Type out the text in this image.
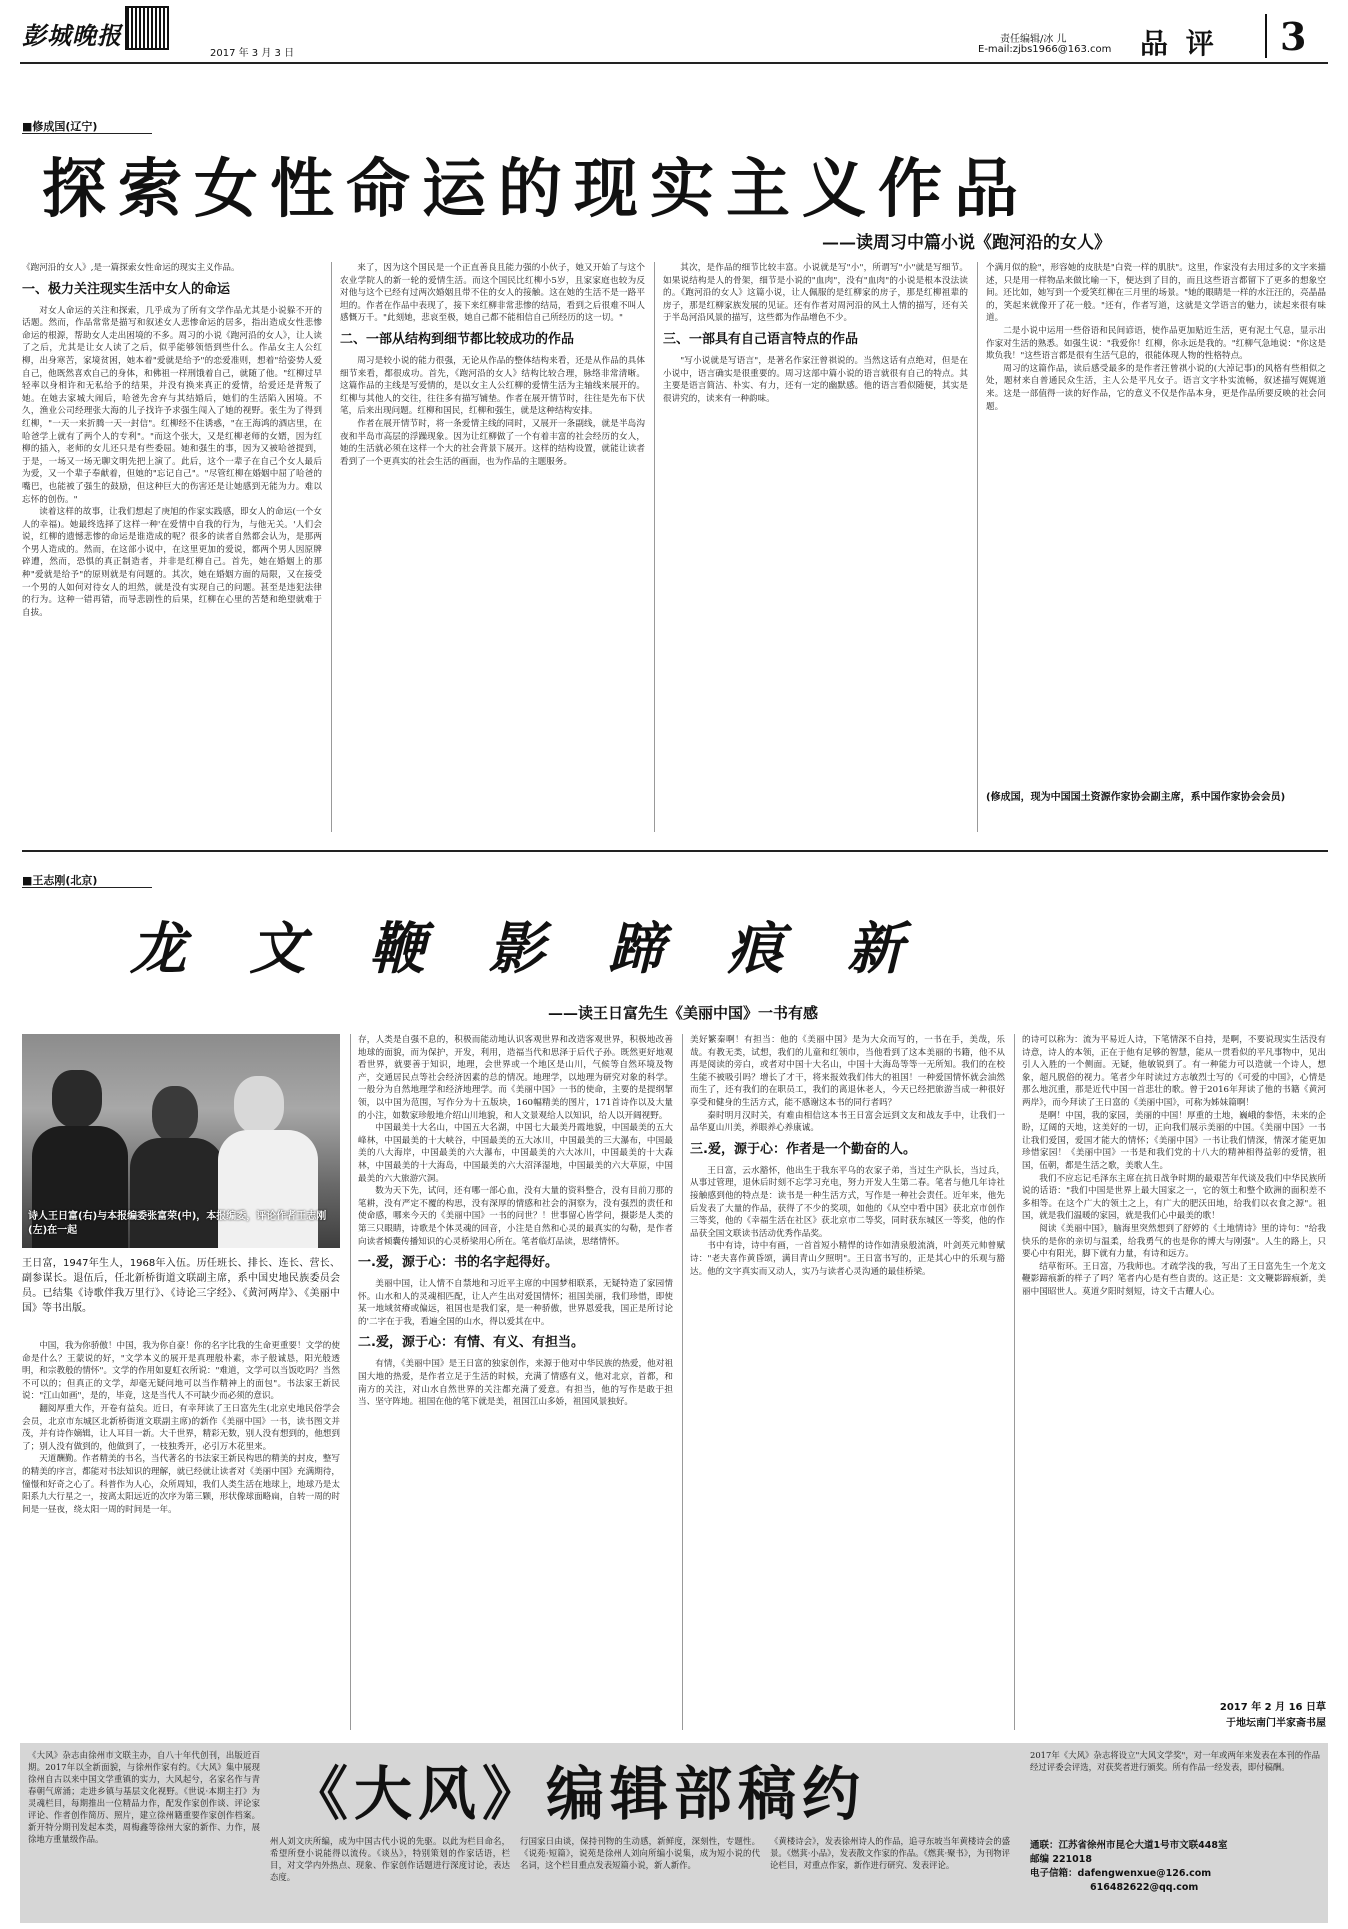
彭城晚报
2017 年 3 月 3 日
责任编辑/冰 儿
E-mail:zjbs1966@163.com 品 评 3
■修成国(辽宁)
探索女性命运的现实主义作品
——读周习中篇小说《跑河沿的女人》

《跑河沿的女人》,是一篇探索女性命运的现实主义作品。

一、极力关注现实生活中女人的命运

对女人命运的关注和探索，几乎成为了所有文学作品尤其是小说躲不开的话题。然而，作品常常是描写和叙述女人悲惨命运的居多，指出造成女性悲惨命运的根源，帮助女人走出困境的不多。周习的小说《跑河沿的女人》，让人读了之后，尤其是让女人读了之后，似乎能够领悟到些什么。作品女主人公红柳，出身寒苦，家境贫困，她本着"爱就是给予"的恋爱准则，想着"给姿势人爱自己，他既然喜欢自己的身体，和佛祖一样刑饿着自己，就随了他。"红柳过早轻率以身相许和无私给予的结果，并没有换来真正的爱情，给爱还是背叛了她。在她去家城大闹后，哈爸先舍弃与其结婚后，她们的生活陷入困境。不久，渔业公司经理张大海的儿子找许予求强生闯入了她的视野。张生为了得到红柳，"一天一来折腾一天一封信"。红柳经不住诱惑，"在王海鸿的酒店里，在哈爸学上就有了两个人的专利"。"而这个张大，又是红柳老师的女婿，因为红柳的插入，老师的女儿还只是有些委屈。她和强生的事，因为又被哈爸提到，于是，一场又一场无聊文明先把上演了。此后，这个一辈子在自己个女人最后为爱，又一个辈子奉献着，但她的"忘记自己"。"尽管红柳在婚姻中屈了哈爸的嘴巴，也能被了强生的鼓励，但这种巨大的伤害还是让她感到无能为力。难以忘怀的创伤。"

读着这样的故事，让我们想起了庚旭的作家实践感，即女人的命运(一个女人的幸福)。她最终选择了这样一种'在爱情中自我的行为，与他无关。'人们会说，红柳的遗憾悲惨的命运是谁造成的呢？很多的读者自然都会认为，是那两个男人造成的。然而，在这部小说中，在这里更加的爱说，都两个男人因原牌碎遭，然而，恐惧的真正制造者，并非是红柳自己。首先，她在婚姻上的那种"爱就是给予"的原则就是有问题的。其次，她在婚姻方面的局限，又在接受一个男的人如何对待女人的坦然，就是没有实现自己的问题。甚至是违犯法律的行为。这种一错再错，而导悲剧性的后果，红柳在心里的苦楚和绝望就难于自拔。

来了，因为这个国民是一个正直善良且能力强的小伙子，她又开始了与这个农业学院人的新一轮的爱情生活。而这个国民比红柳小5岁，且家家庭也较为反对他与这个已经有过两次婚姻且带不住的女人的接触。这在她的生活不是一路平坦的。作者在作品中表现了，接下来红柳非常悲惨的结局，看到之后很难不叫人感慨万千。"此刻她，悲哀至极，她自己都不能相信自己所经历的这一切。"

二、一部从结构到细节都比较成功的作品

周习是较小说的能力很强，无论从作品的整体结构来看，还是从作品的具体细节来看，都很成功。首先，《跑河沿的女人》结构比较合理，脉络非常清晰。这篇作品的主线是写爱情的，是以女主人公红柳的爱情生活为主轴线来展开的。红柳与其他人的交往，往往多有描写铺垫。作者在展开情节时，往往是先布下伏笔，后来出现问题。红柳和国民，红柳和强生，就是这种结构安排。

作者在展开情节时，将一条爱情主线的同时，又展开一条副线，就是半岛沟夜和半岛市高层的浮躁现象。因为让红柳做了一个有着丰富的社会经历的女人，她的生活就必须在这样一个大的社会背景下展开。这样的结构设置，就能让读者看到了一个更真实的社会生活的画面，也为作品的主题服务。

其次，是作品的细节比较丰富。小说就是写"小"，所谓写"小"就是写细节。如果说结构是人的骨架，细节是小说的"血肉"，没有"血肉"的小说是根本没法读的。《跑河沿的女人》这篇小说，让人佩服的是红柳家的房子，那是红柳祖辈的房子，那是红柳家族发展的见证。还有作者对周河沿的风土人情的描写，还有关于半岛河沿风景的描写，这些都为作品增色不少。

三、一部具有自己语言特点的作品

"写小说就是写语言"，是著名作家汪曾祺说的。当然这话有点绝对，但是在小说中，语言确实是很重要的。周习这部中篇小说的语言就很有自己的特点。其主要是语言简洁、朴实、有力，还有一定的幽默感。他的语言看似随便，其实是很讲究的，读来有一种韵味。

个满月似的脸"，形容她的皮肤是"白瓷一样的肌肤"。这里，作家没有去用过多的文字来描述，只是用一样物品来做比喻一下，便达到了目的，而且这些语言都留下了更多的想象空间。还比如，她写到一个爱笑红柳在三月里的场景。"她的眼睛是一样的水汪汪的，亮晶晶的，笑起来就像开了花一般。"还有，作者写道，这就是文学语言的魅力，读起来很有味道。

二是小说中运用一些俗语和民间谚语，使作品更加贴近生活，更有泥土气息，显示出作家对生活的熟悉。如强生说："我爱你！红柳，你永远是我的。"红柳气急地说："你这是欺负我！"这些语言都是很有生活气息的，很能体现人物的性格特点。

周习的这篇作品，读后感受最多的是作者汪曾祺小说的(大淖记事)的风格有些相似之处，题材来自普通民众生活，主人公是平凡女子。语言文字朴实流畅，叙述描写娓娓道来。这是一部值得一读的好作品，它的意义不仅是作品本身，更是作品所要反映的社会问题。

(修成国，现为中国国土资源作家协会副主席，系中国作家协会会员)
■王志刚(北京)
龙 文 鞭 影 蹄 痕 新
——读王日富先生《美丽中国》一书有感
诗人王日富(右)与本报编委张富荣(中)，本报编委，评论作者王志刚(左)在一起
王日富，1947年生人，1968年入伍。历任班长、排长、连长、营长、副参谋长。退伍后，任北新桥街道文联副主席，系中国史地民族委员会员。已结集《诗歌伴我万里行》、《诗论三字经》、《黄河两岸》、《美丽中国》等书出版。

中国，我为你骄傲！中国，我为你自豪！你的名字比我的生命更重要！文学的使命是什么？王蒙说的好，"文学本义的展开是真理般朴素，赤子般诚恳，阳光般透明，和宗教般的情怀"。文学的作用如夏虹衣所说："难道，文学可以当饭吃吗？当然不可以的；但真正的文学，却毫无疑问地可以当作精神上的面包"。书法家王新民说："江山如画"，是的，毕竟，这是当代人不可缺少而必须的意识。

翻阅厚重大作，开卷有益矣。近日，有幸拜读了王日富先生(北京史地民俗学会会员，北京市东城区北新桥街道文联副主席)的新作《美丽中国》一书，读书图文并茂，并有诗作嫡辑，让人耳目一新。大千世界，精彩无数，别人没有想到的，他想到了；别人没有做到的，他做到了，一枝独秀开，必引万木花里来。

天道酬勤。作者精美的书名，当代著名的书法家王新民构思的精美的封皮，整写的精美的序言，都能对书法知识的理解，就已经就让读者对《美丽中国》充满期待，憧憬和好奇之心了。科普作为人心，众所周知，我们人类生活在地球上，地球乃是太阳系九大行星之一，按离太阳远近的次序为第三颗，形状像球面略扁，自转一周的时间是一昼夜，绕太阳一周的时间是一年。

存，人类是自强不息的，积极而能动地认识客观世界和改造客观世界，积极地改善地球的面貌，而为保护，开发，利用，造福当代和思泽于后代子孙。既然更好地观看世界，就要善于知识，地理，会世界或一个地区是山川，气候等自然环境及物产，交通居民点等社会经济因素的总的情况。地理学，以地理为研究对象的科学。一般分为自然地理学和经济地理学。而《美丽中国》一书的使命，主要的是提纲挈领，以中国为范围，写作分为十五版块，160幅精美的图片，171首诗作以及大量的小注，如数家珍般地介绍山川地貌，和人文景观给人以知识，给人以开阔视野。

中国最美十大名山，中国五大名湖，中国七大最美丹霞地貌，中国最美的五大峰林，中国最美的十大峡谷，中国最美的五大冰川，中国最美的三大瀑布，中国最美的八大海岸，中国最美的六大瀑布，中国最美的六大冰川，中国最美的十大森林，中国最美的十大海岛，中国最美的六大沼泽湿地，中国最美的六大草原，中国最美的六大旅游穴洞。

数为天下先，试问，还有哪一部心血，没有大量的资料整合，没有目前刀那的笔耕，没有严定不覆的构思，没有深厚的情感和社会的洞察为，没有强烈的责任和使命感，哪来今天的《美丽中国》一书的问世？！世事留心皆学问，摄影是人类的第三只眼睛，诗歌是个体灵魂的回音，小注是自然和心灵的最真实的勾勒，是作者向读者倾囊传播知识的心灵桥梁用心所在。笔者临灯品读，思绪情怀。

一.爱，源于心：书的名字起得好。

美丽中国，让人情不自禁地和习近平主席的中国梦相联系，无疑特造了家园情怀。山水和人的灵魂相匹配，让人产生出对爱国情怀；祖国美丽，我们珍惜，即使某一地域贫瘠或偏远，祖国也是我们家，是一种骄傲，世界恩爱我，国正是所讨论的'二字在于我，看遍全国的山水，得以爱其在中。

二.爱，源于心：有情、有义、有担当。

有情，《美丽中国》是王日富的独家创作，来源于他对中华民族的热爱，他对祖国大地的热爱，是作者立足于生活的时候，充满了情感有义，他对北京，首都，和南方的关注，对山水自然世界的关注都充满了爱意。有担当，他的写作是敢于担当、坚守阵地。祖国在他的笔下就是美，祖国江山多娇，祖国风景独好。

美好繁秦啊！有担当：他的《美丽中国》是为大众而写的，一书在手，美哉，乐哉。有教无类，试想，我们的儿童和红领巾，当他看到了这本美丽的书籍，他不从再是阅读的旁白，或者对中国十大名山，中国十大海岛等等一无所知。我们的在校生能不被吸引吗？增长了才干，将来报效我们伟大的祖国！一种爱国情怀就会油然而生了，还有我们的在职员工，我们的离退休老人，今天已经把旅游当成一种很好享受和健身的生活方式，能不感谢这本书的同行者吗？

秦时明月汉时关，有难由相信这本书王日富会远到文友和战友手中，让我们一品华夏山川美，养眼养心养康诚。

三.爱，源于心：作者是一个勤奋的人。

王日富，云水豁怀，他出生于我东平乌的农家子弟，当过生产队长，当过兵，从事过管理，退休后时刻不忘学习充电，努力开发人生第二春。笔者与他几年诗社接触感到他的特点是：读书是一种生活方式，写作是一种社会责任。近年来，他先后发表了大量的作品，获得了不少的奖项，如他的《从空中看中国》获北京市创作三等奖，他的《幸福生活在社区》获北京市二等奖，同时获东城区一等奖，他的作品获全国文联读书活动优秀作品奖。

书中有诗，诗中有画，一首首短小精悍的诗作如清泉般流淌，叶剑英元帅曾赋诗："老夫喜作黄昏颂，满目青山夕照明"。王日富书写的，正是其心中的乐观与豁达。他的文字真实而又动人，实乃与读者心灵沟通的最佳桥梁。

的诗可以称为：流为平易近人诗，下笔情深不自持，是啊，不要说现实生活没有诗意，诗人的本领，正在于他有足够的智慧，能从一贯看似的平凡事物中，见出引人入胜的一个侧面。无疑，他敏锐到了。有一种能力可以造就一个诗人，想象，超凡脱俗的视力。笔者少年时读过方志敏烈士写的《可爱的中国》，心情是那么地沉重，那是近代中国一首悲壮的歌。曾于2016年拜读了他的书籍《黄河两岸》，而今拜读了王日富的《美丽中国》，可称为姊妹篇啊！

是啊！中国，我的家园，美丽的中国！厚重的土地，巍峨的参悟，未来的企盼，辽阔的天地，这美好的一切，正向我们展示美丽的中国。《美丽中国》一书让我们爱国，爱国才能大的情怀；《美丽中国》一书让我们情深，情深才能更加珍惜家园！《美丽中国》一书是和我们党的十八大的精神相得益彰的爱情，祖国，伍朝，都是生活之歌，美歌人生。

我们不应忘记毛泽东主席在抗日战争时期的最艰苦年代谈及我们中华民族所说的话语："我们中国是世界上最大国家之一，它的领土和整个欧洲的面积差不多相等。在这个广大的领土之上，有广大的肥沃田地，给我们以衣食之源"。祖国，就是我们温暖的家园，就是我们心中最美的歌！

阅读《美丽中国》，脑海里突然想到了舒婷的《土地情诗》里的诗句："给我快乐的是你的亲切与温柔，给我勇气的也是你的博大与刚强"。人生的路上，只要心中有阳光，脚下就有力量，有诗和远方。

结草衔环。王日富，乃我师也。才疏学浅的我，写出了王日富先生一个龙文鞭影蹄痕新的样子了吗？笔者内心是有些自责的。这正是：文文鞭影蹄痕新，美丽中国昭世人。莫道夕阳时刻短，诗文千古耀人心。

2017 年 2 月 16 日草
于地坛南门半家斋书屋
《大风》编辑部稿约

《大风》杂志由徐州市文联主办，自八十年代创刊，出版近百期。2017年以全新面貌，与徐州作家有约。《大风》集中展现徐州自古以来中国文学重镇的实力，大风起兮，名家名作与青春朝气席涌；走进乡镇与基层文化视野。《世说·本期主打》为灵魂栏目，每期推出一位精品力作，配发作家创作谈、评论家评论、作者创作简历、照片，建立徐州籍重要作家创作档案。新开特分期刊发起本类，周梅鑫等徐州大家的新作、力作，展徐地方重量级作品。	州人刘文庆所编，成为中国古代小说的先驱。以此为栏目命名，希望所登小说能得以流传。《谈丛》，特别策划的作家话语，栏目，对文学内外热点、现象、作家创作话题进行深度讨论，表达态度。

行国家日由谈，保持刊物的生动感，新鲜度，深刻性，专题性。《说苑·短篇》，说苑是徐州人刘向所编小说集，成为短小说的代名词，这个栏目重点发表短篇小说，新人新作。

《黄楼诗会》，发表徐州诗人的作品，追寻东坡当年黄楼诗会的盛景。《燃萁·小品》，发表散文作家的作品。《燃萁·聚书》，为刊物评论栏目，对重点作家，新作进行研究、发表评论。

2017年《大风》杂志将设立"大风文学奖"，对一年或两年来发表在本刊的作品经过评委会评选，对获奖者进行颁奖。所有作品一经发表，即付稿酬。

通联：江苏省徐州市昆仑大道1号市文联448室
邮编 221018
电子信箱：dafengwenxue@126.com
616482622@qq.com
